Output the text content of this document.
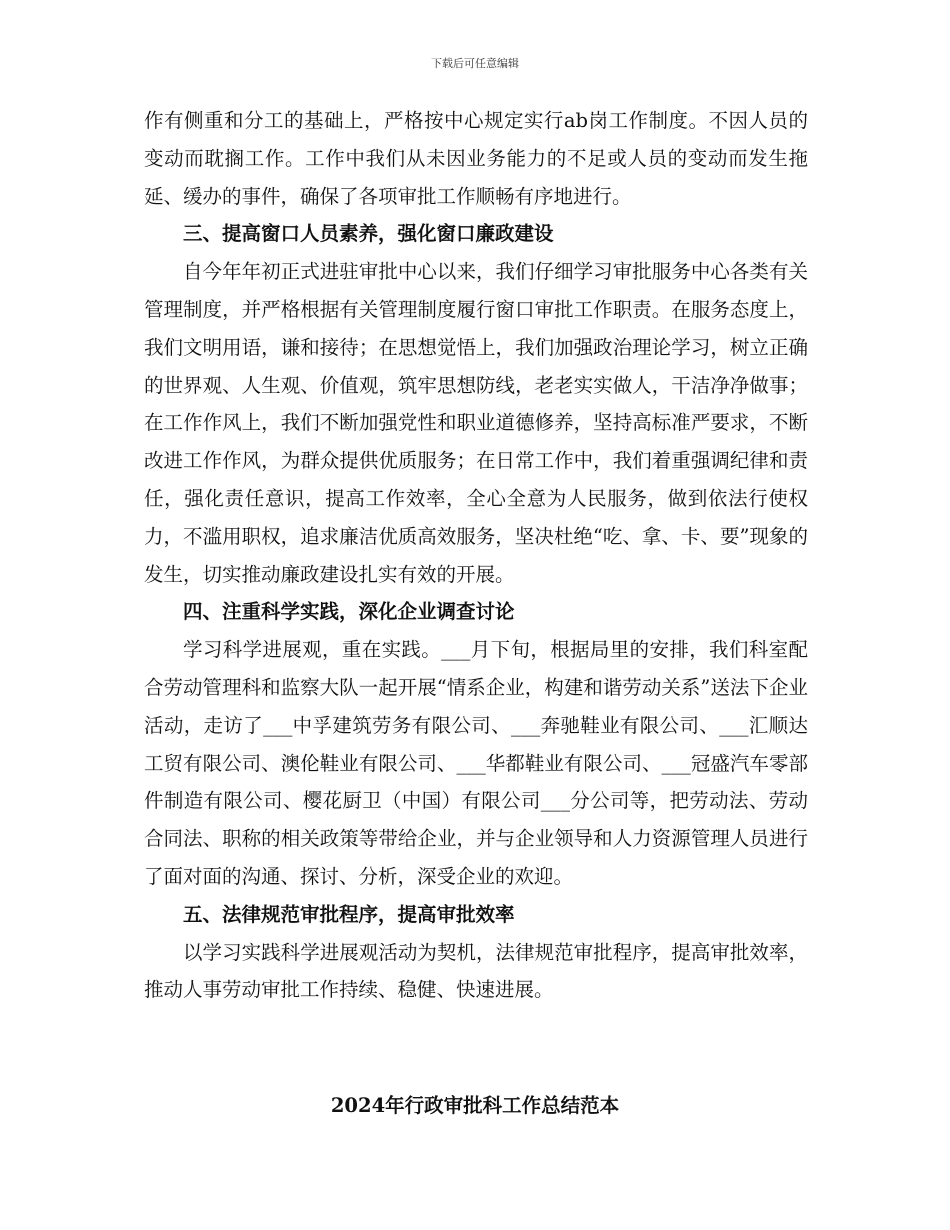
下载后可任意编辑

作有侧重和分工的基础上，严格按中心规定实行ab岗工作制度。不因人员的变动而耽搁工作。工作中我们从未因业务能力的不足或人员的变动而发生拖延、缓办的事件，确保了各项审批工作顺畅有序地进行。

三、提高窗口人员素养，强化窗口廉政建设

自今年年初正式进驻审批中心以来，我们仔细学习审批服务中心各类有关管理制度，并严格根据有关管理制度履行窗口审批工作职责。在服务态度上，我们文明用语，谦和接待；在思想觉悟上，我们加强政治理论学习，树立正确的世界观、人生观、价值观，筑牢思想防线，老老实实做人，干洁净净做事；在工作作风上，我们不断加强党性和职业道德修养，坚持高标准严要求，不断改进工作作风，为群众提供优质服务；在日常工作中，我们着重强调纪律和责任，强化责任意识，提高工作效率，全心全意为人民服务，做到依法行使权力，不滥用职权，追求廉洁优质高效服务，坚决杜绝“吃、拿、卡、要”现象的发生，切实推动廉政建设扎实有效的开展。

四、注重科学实践，深化企业调查讨论

学习科学进展观，重在实践。___月下旬，根据局里的安排，我们科室配合劳动管理科和监察大队一起开展“情系企业，构建和谐劳动关系”送法下企业活动，走访了___中孚建筑劳务有限公司、___奔驰鞋业有限公司、___汇顺达工贸有限公司、澳伦鞋业有限公司、___华都鞋业有限公司、___冠盛汽车零部件制造有限公司、樱花厨卫（中国）有限公司___分公司等，把劳动法、劳动合同法、职称的相关政策等带给企业，并与企业领导和人力资源管理人员进行了面对面的沟通、探讨、分析，深受企业的欢迎。

五、法律规范审批程序，提高审批效率

以学习实践科学进展观活动为契机，法律规范审批程序，提高审批效率，推动人事劳动审批工作持续、稳健、快速进展。

2024年行政审批科工作总结范本
